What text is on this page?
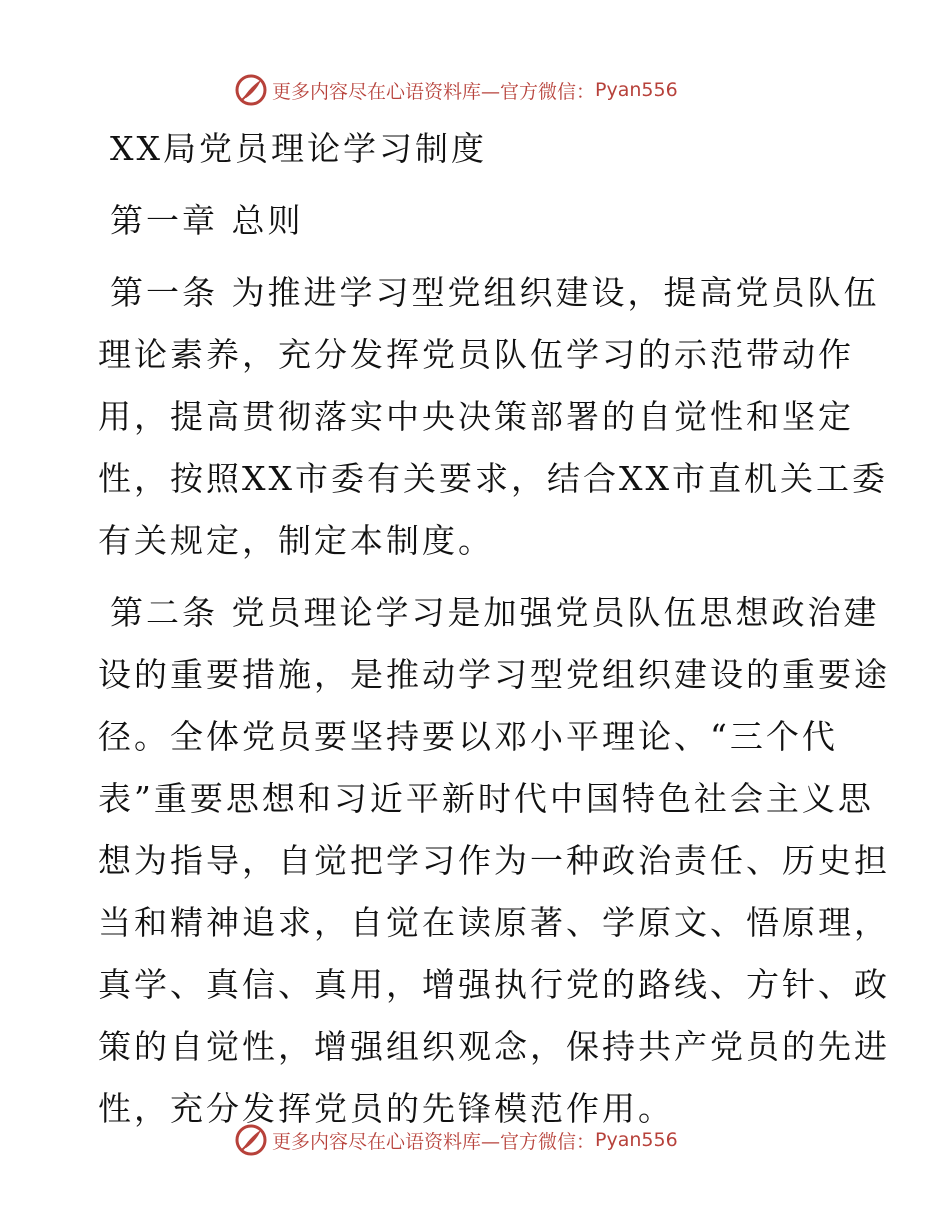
更多内容尽在心语资料库—官方微信： Pyan556
XX局党员理论学习制度
第一章 总则
第一条 为推进学习型党组织建设，提高党员队伍
理论素养，充分发挥党员队伍学习的示范带动作
用，提高贯彻落实中央决策部署的自觉性和坚定
性，按照XX市委有关要求，结合XX市直机关工委
有关规定，制定本制度。
第二条 党员理论学习是加强党员队伍思想政治建
设的重要措施，是推动学习型党组织建设的重要途
径。全体党员要坚持要以邓小平理论、“三个代
表”重要思想和习近平新时代中国特色社会主义思
想为指导，自觉把学习作为一种政治责任、历史担
当和精神追求，自觉在读原著、学原文、悟原理，
真学、真信、真用，增强执行党的路线、方针、政
策的自觉性，增强组织观念，保持共产党员的先进
性，充分发挥党员的先锋模范作用。
更多内容尽在心语资料库—官方微信： Pyan556
